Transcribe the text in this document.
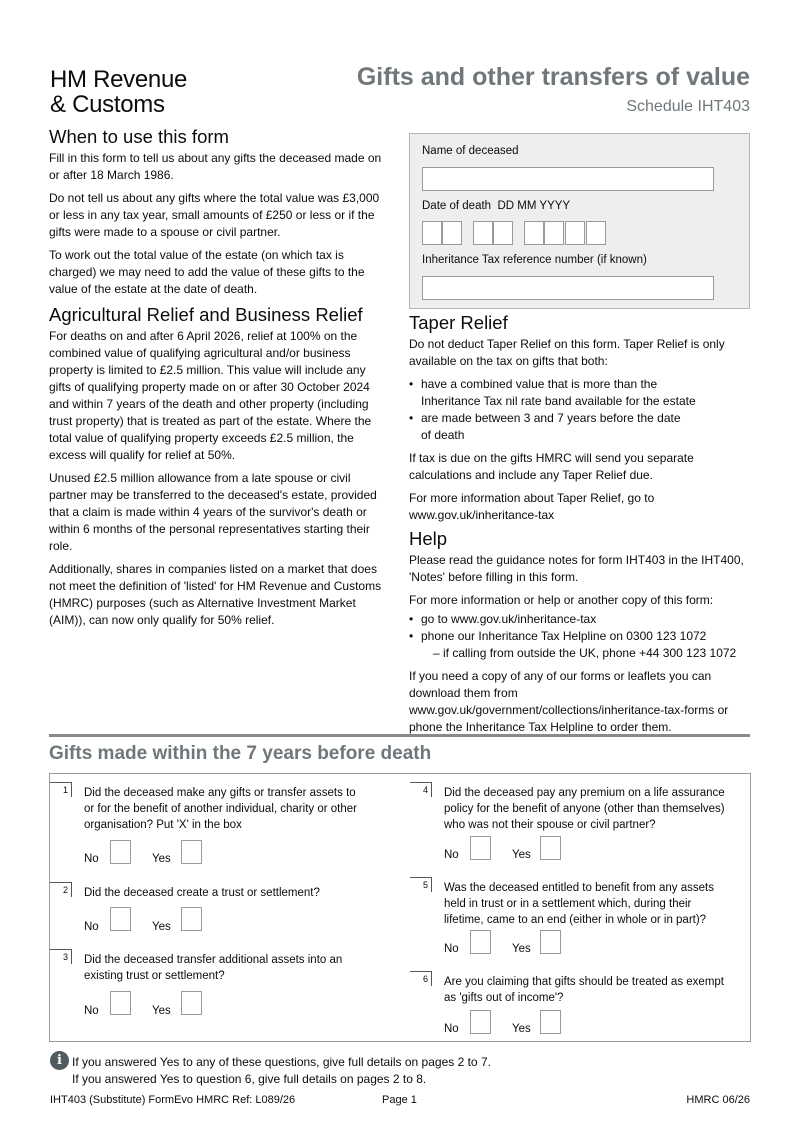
HM Revenue
& Customs
Gifts and other transfers of value
Schedule IHT403
When to use this form

Fill in this form to tell us about any gifts the deceased made on or after 18 March 1986.

Do not tell us about any gifts where the total value was £3,000 or less in any tax year, small amounts of £250 or less or if the gifts were made to a spouse or civil partner.

To work out the total value of the estate (on which tax is charged) we may need to add the value of these gifts to the value of the estate at the date of death.

Agricultural Relief and Business Relief

For deaths on and after 6 April 2026, relief at 100% on the combined value of qualifying agricultural and/or business property is limited to £2.5 million. This value will include any gifts of qualifying property made on or after 30 October 2024 and within 7 years of the death and other property (including trust property) that is treated as part of the estate. Where the total value of qualifying property exceeds £2.5 million, the excess will qualify for relief at 50%.

Unused £2.5 million allowance from a late spouse or civil partner may be transferred to the deceased's estate, provided that a claim is made within 4 years of the survivor's death or within 6 months of the personal representatives starting their role.

Additionally, shares in companies listed on a market that does not meet the definition of 'listed' for HM Revenue and Customs (HMRC) purposes (such as Alternative Investment Market (AIM)), can now only qualify for 50% relief.

Name of deceased
Date of death DD MM YYYY
Inheritance Tax reference number (if known)
Taper Relief

Do not deduct Taper Relief on this form. Taper Relief is only available on the tax on gifts that both:

• have a combined value that is more than the
Inheritance Tax nil rate band available for the estate
• are made between 3 and 7 years before the date
of death

If tax is due on the gifts HMRC will send you separate calculations and include any Taper Relief due.

For more information about Taper Relief, go to www.gov.uk/inheritance-tax

Help

Please read the guidance notes for form IHT403 in the IHT400, 'Notes' before filling in this form.

For more information or help or another copy of this form:

• go to www.gov.uk/inheritance-tax
• phone our Inheritance Tax Helpline on 0300 123 1072
– if calling from outside the UK, phone +44 300 123 1072

If you need a copy of any of our forms or leaflets you can download them from www.gov.uk/government/collections/inheritance-tax-forms or phone the Inheritance Tax Helpline to order them.

Gifts made within the 7 years before death
1	Did the deceased make any gifts or transfer assets to or for the benefit of another individual, charity or other organisation? Put 'X' in the box
No	Yes
2	Did the deceased create a trust or settlement?
No	Yes
3	Did the deceased transfer additional assets into an existing trust or settlement?
No	Yes
4	Did the deceased pay any premium on a life assurance policy for the benefit of anyone (other than themselves) who was not their spouse or civil partner?
No	Yes
5	Was the deceased entitled to benefit from any assets held in trust or in a settlement which, during their lifetime, came to an end (either in whole or in part)?
No	Yes
6	Are you claiming that gifts should be treated as exempt as 'gifts out of income'?
No	Yes
i If you answered Yes to any of these questions, give full details on pages 2 to 7.
If you answered Yes to question 6, give full details on pages 2 to 8.
IHT403 (Substitute) FormEvo HMRC Ref: L089/26	Page 1	HMRC 06/26
